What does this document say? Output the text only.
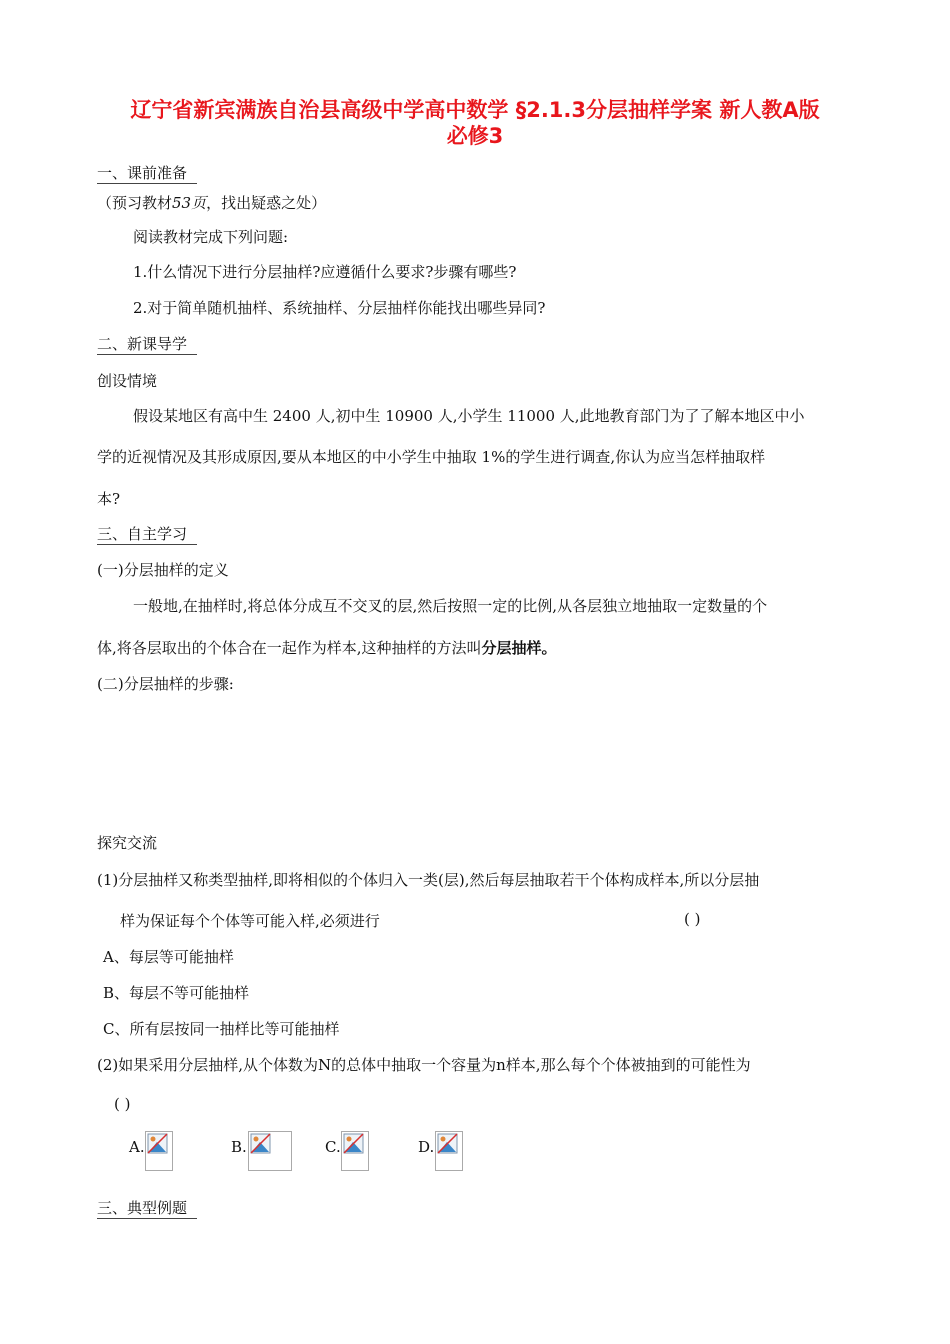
辽宁省新宾满族自治县高级中学高中数学 §2.1.3分层抽样学案 新人教A版
必修3
一、课前准备
（预习教材53页，找出疑惑之处）
阅读教材完成下列问题:
1.什么情况下进行分层抽样?应遵循什么要求?步骤有哪些?
2.对于简单随机抽样、系统抽样、分层抽样你能找出哪些异同?
二、新课导学
创设情境
假设某地区有高中生 2400 人,初中生 10900 人,小学生 11000 人,此地教育部门为了了解本地区中小
学的近视情况及其形成原因,要从本地区的中小学生中抽取 1%的学生进行调查,你认为应当怎样抽取样
本?
三、自主学习
(一)分层抽样的定义
一般地,在抽样时,将总体分成互不交叉的层,然后按照一定的比例,从各层独立地抽取一定数量的个
体,将各层取出的个体合在一起作为样本,这种抽样的方法叫分层抽样。
(二)分层抽样的步骤:
探究交流
(1)分层抽样又称类型抽样,即将相似的个体归入一类(层),然后每层抽取若干个体构成样本,所以分层抽
样为保证每个个体等可能入样,必须进行	( )
A、每层等可能抽样
B、每层不等可能抽样
C、所有层按同一抽样比等可能抽样
(2)如果采用分层抽样,从个体数为N的总体中抽取一个容量为n样本,那么每个个体被抽到的可能性为
( )
A.	B.	C.	D.
三、典型例题
